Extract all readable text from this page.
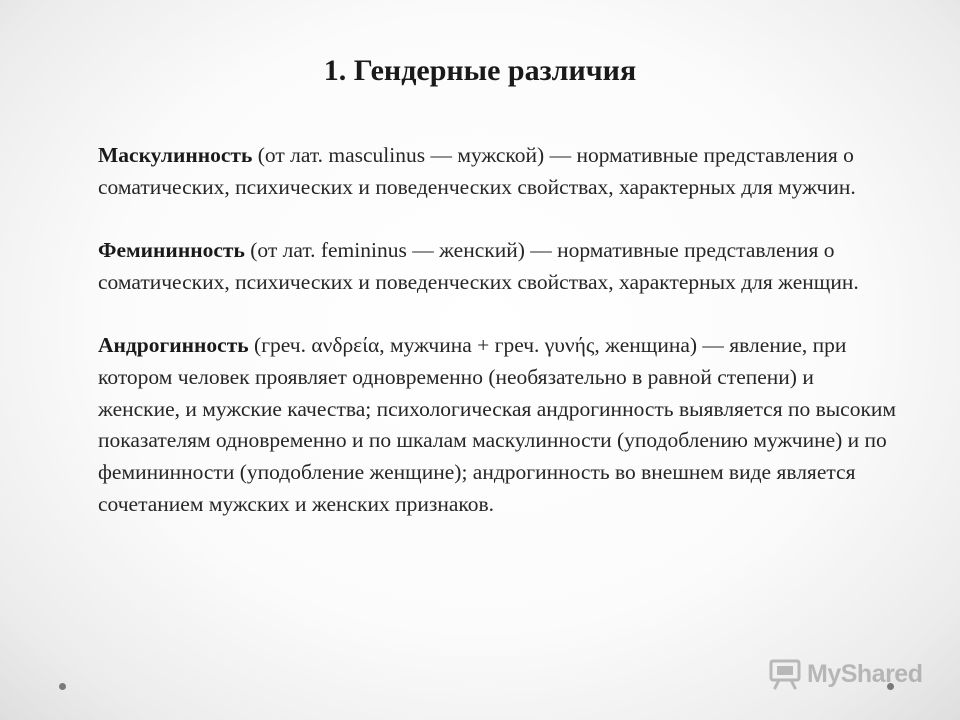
1. Гендерные различия

Маскулинность (от лат. masculinus — мужской) — нормативные представления о соматических, психических и поведенческих свойствах, характерных для мужчин.

Фемининность (от лат. femininus — женский) — нормативные представления о соматических, психических и поведенческих свойствах, характерных для женщин.

Андрогинность (греч. ανδρεία, мужчина + греч. γυνής, женщина) — явление, при котором человек проявляет одновременно (необязательно в равной степени) и женские, и мужские качества; психологическая андрогинность выявляется по высоким показателям одновременно и по шкалам маскулинности (уподоблению мужчине) и по фемининности (уподобление женщине); андрогинность во внешнем виде является сочетанием мужских и женских признаков.

MyShared
